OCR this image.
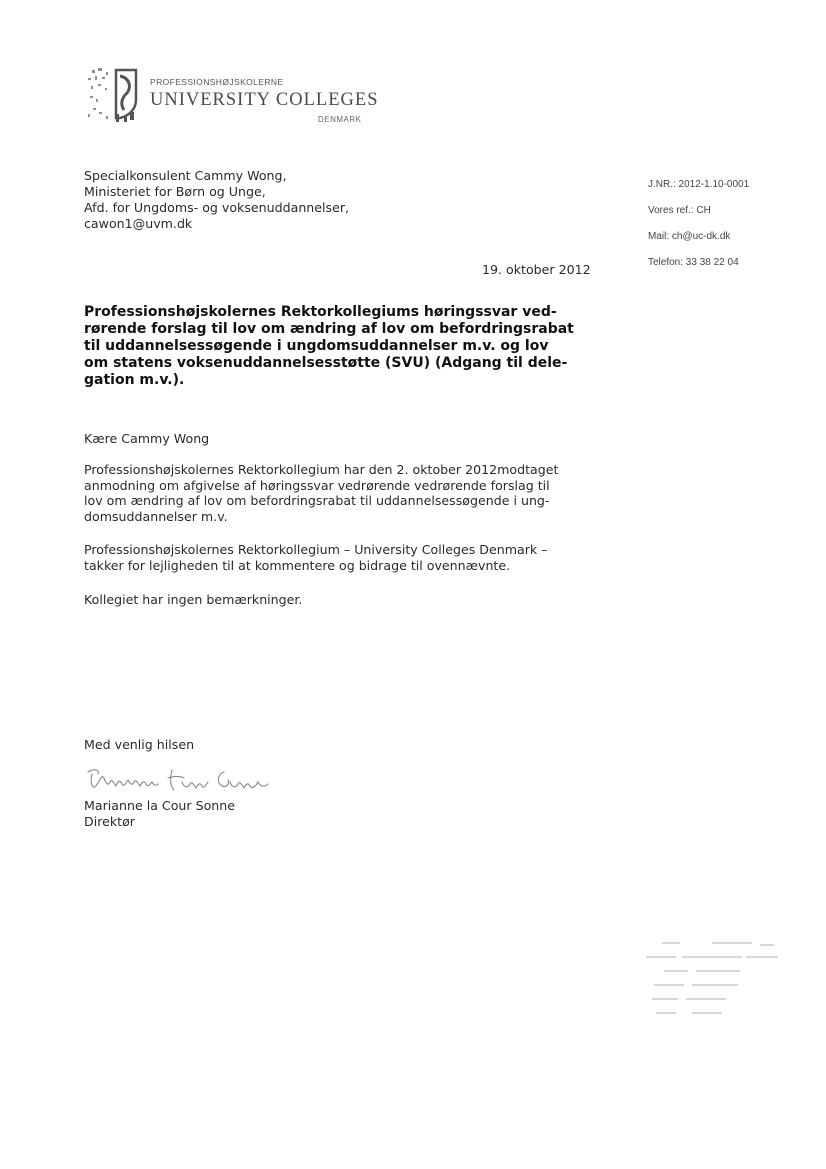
PROFESSIONSHØJSKOLERNE
UNIVERSITY COLLEGES
DENMARK
Specialkonsulent Cammy Wong,
Ministeriet for Børn og Unge,
Afd. for Ungdoms- og voksenuddannelser,
cawon1@uvm.dk
J.NR.: 2012-1.10-0001
Vores ref.: CH
Mail: ch@uc-dk.dk
Telefon: 33 38 22 04
19. oktober 2012
Professionshøjskolernes Rektorkollegiums høringssvar ved-
rørende forslag til lov om ændring af lov om befordringsrabat
til uddannelsessøgende i ungdomsuddannelser m.v. og lov
om statens voksenuddannelsesstøtte (SVU) (Adgang til dele-
gation m.v.).
Kære Cammy Wong
Professionshøjskolernes Rektorkollegium har den 2. oktober 2012modtaget
anmodning om afgivelse af høringssvar vedrørende vedrørende forslag til
lov om ændring af lov om befordringsrabat til uddannelsessøgende i ung-
domsuddannelser m.v.
Professionshøjskolernes Rektorkollegium – University Colleges Denmark –
takker for lejligheden til at kommentere og bidrage til ovennævnte.
Kollegiet har ingen bemærkninger.
Med venlig hilsen
Marianne la Cour Sonne
Direktør
